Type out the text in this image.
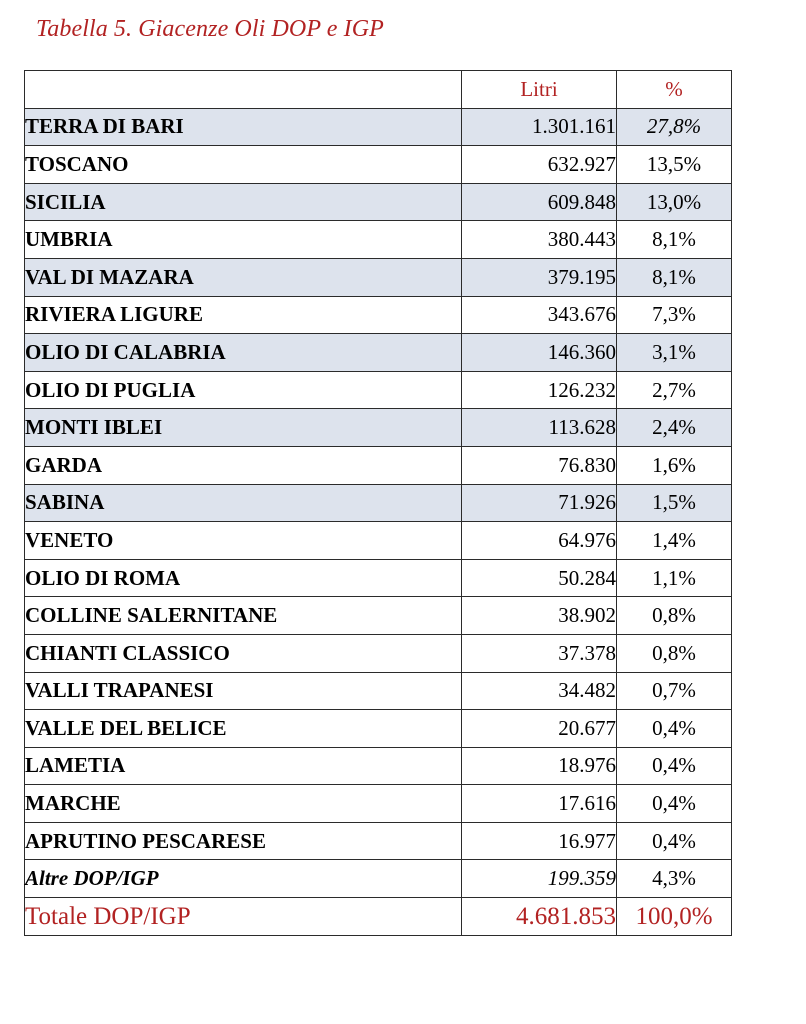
Tabella 5. Giacenze Oli DOP e IGP
	Litri	%
TERRA DI BARI	1.301.161	27,8%
TOSCANO	632.927	13,5%
SICILIA	609.848	13,0%
UMBRIA	380.443	8,1%
VAL DI MAZARA	379.195	8,1%
RIVIERA LIGURE	343.676	7,3%
OLIO DI CALABRIA	146.360	3,1%
OLIO DI PUGLIA	126.232	2,7%
MONTI IBLEI	113.628	2,4%
GARDA	76.830	1,6%
SABINA	71.926	1,5%
VENETO	64.976	1,4%
OLIO DI ROMA	50.284	1,1%
COLLINE SALERNITANE	38.902	0,8%
CHIANTI CLASSICO	37.378	0,8%
VALLI TRAPANESI	34.482	0,7%
VALLE DEL BELICE	20.677	0,4%
LAMETIA	18.976	0,4%
MARCHE	17.616	0,4%
APRUTINO PESCARESE	16.977	0,4%
Altre DOP/IGP	199.359	4,3%
Totale DOP/IGP	4.681.853	100,0%
